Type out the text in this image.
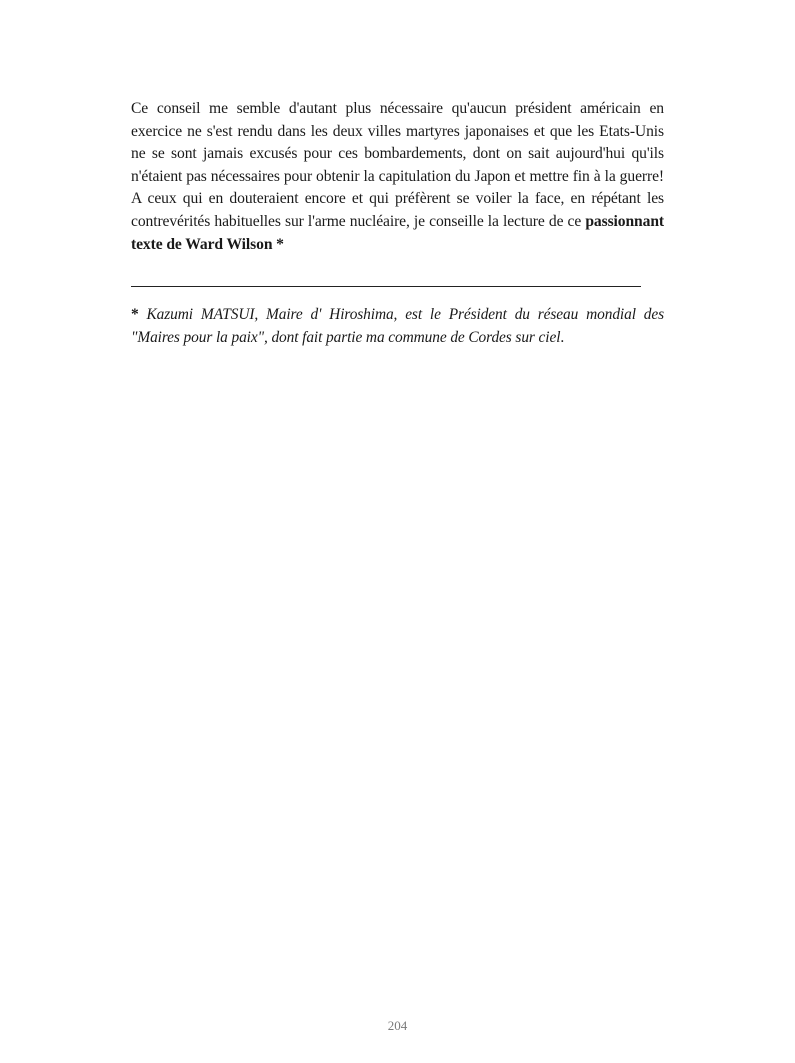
Ce conseil me semble d'autant plus nécessaire qu'aucun président américain en exercice ne s'est rendu dans les deux villes martyres japonaises et que les Etats-Unis ne se sont jamais excusés pour ces bombardements, dont on sait aujourd'hui qu'ils n'étaient pas nécessaires pour obtenir la capitulation du Japon et mettre fin à la guerre! A ceux qui en douteraient encore et qui préfèrent se voiler la face, en répétant les contrevérités habituelles sur l'arme nucléaire, je conseille la lecture de ce passionnant texte de Ward Wilson *

* Kazumi MATSUI, Maire d' Hiroshima, est le Président du réseau mondial des "Maires pour la paix", dont fait partie ma commune de Cordes sur ciel.

204
